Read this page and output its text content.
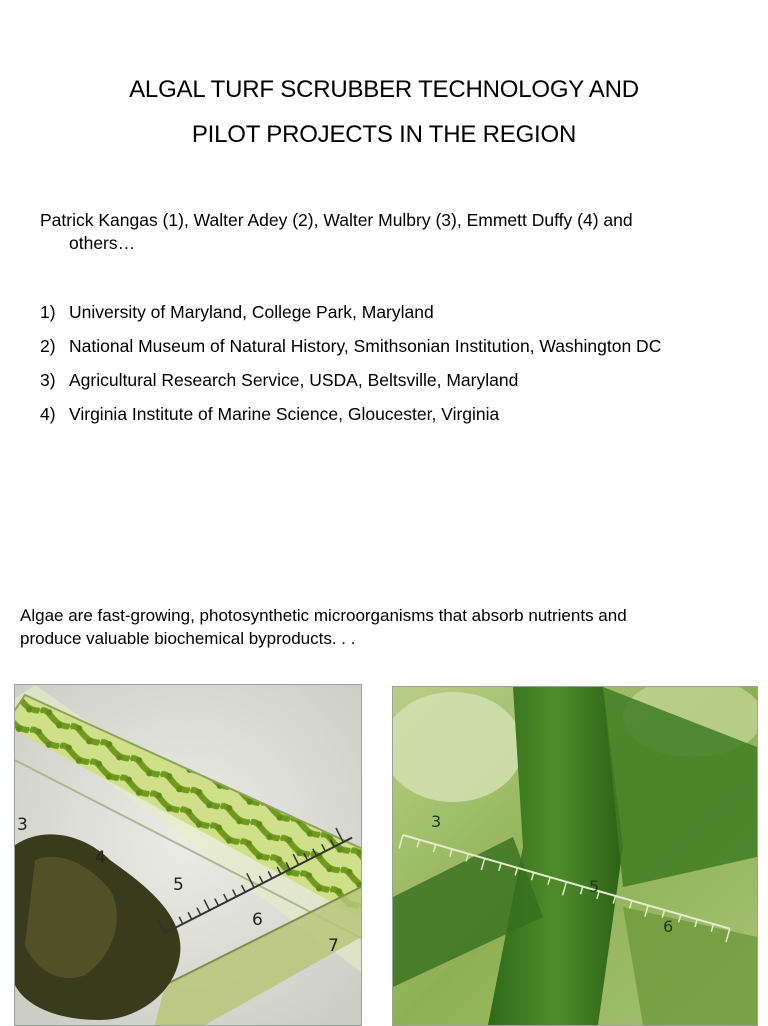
ALGAL TURF SCRUBBER TECHNOLOGY AND
PILOT PROJECTS IN THE REGION
Patrick Kangas (1), Walter Adey (2), Walter Mulbry (3), Emmett Duffy (4) and
others…
1) University of Maryland, College Park, Maryland
2) National Museum of Natural History, Smithsonian Institution, Washington DC
3) Agricultural Research Service, USDA, Beltsville, Maryland
4) Virginia Institute of Marine Science, Gloucester, Virginia
Algae are fast-growing, photosynthetic microorganisms that absorb nutrients and
produce valuable biochemical byproducts. . .
3
4
5
6
7
3
5
6
